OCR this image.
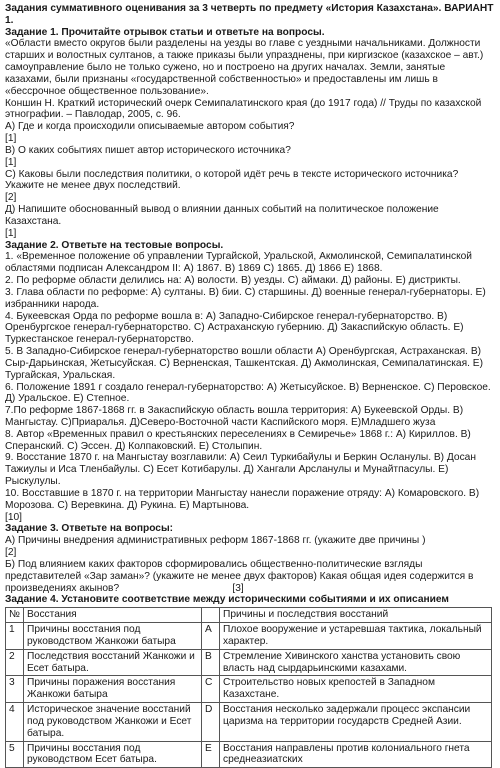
Задания суммативного оценивания за 3 четверть по предмету «История Казахстана». ВАРИАНТ 1.
Задание 1. Прочитайте отрывок статьи и ответьте на вопросы.
«Области вместо округов были разделены на уезды во главе с уездными начальниками. Должности старших и волостных султанов, а также приказы были упразднены, при киргизское (казахское – авт.) самоуправление было не только сужено, но и построено на других началах. Земли, занятые казахами, были признаны «государственной собственностью» и предоставлены им лишь в «бессрочное общественное пользование».
Коншин Н. Краткий исторический очерк Семипалатинского края (до 1917 года) // Труды по казахской этнографии. – Павлодар, 2005, с. 96.
А) Где и когда происходили описываемые автором события?
[1]
В) О каких событиях пишет автор исторического источника?
[1]
С) Каковы были последствия политики, о которой идёт речь в тексте исторического источника? Укажите не менее двух последствий.
[2]
Д) Напишите обоснованный вывод о влиянии данных событий на политическое положение Казахстана.
[1]
Задание 2. Ответьте на тестовые вопросы.
1. «Временное положение об управлении Тургайской, Уральской, Акмолинской, Семипалатинской областями подписан Александром II: А) 1867. В) 1869 С) 1865. Д) 1866 Е) 1868.
2. По реформе области делились на: А) волости. В) уезды. С) аймаки. Д) районы. Е) дистрикты.
3. Глава области по реформе: А) султаны. В) бии. С) старшины. Д) военные генерал-губернаторы. Е) избранники народа.
4. Букеевская Орда по реформе вошла в: А) Западно-Сибирское генерал-губернаторство. В) Оренбургское генерал-губернаторство. С) Астраханскую губернию. Д) Закаспийскую область. Е) Туркестанское генерал-губернаторство.
5. В Западно-Сибирское генерал-губернаторство вошли области А) Оренбургская, Астраханская. В) Сыр-Дарьинская, Жетысуйская. С) Верненская, Ташкентская. Д) Акмолинская, Семипалатинская. Е) Тургайская, Уральская.
6. Положение 1891 г создало генерал-губернаторство: А) Жетысуйское. В) Верненское. С) Перовское. Д) Уральское. Е) Степное.
7.По реформе 1867-1868 гг. в Закаспийскую область вошла территория: А) Букеевской Орды. В) Мангыстау. С)Приаралья. Д)Северо-Восточной части Каспийского моря. Е)Младшего жуза
8. Автор «Временных правил о крестьянских переселениях в Семиречье» 1868 г.: А) Кириллов. В) Сперанский. С) Эссен. Д) Колпаковский. Е) Столыпин.
9. Восстание 1870 г. на Мангыстау возглавили: А) Сеил Туркибайулы и Беркин Осланулы. В) Досан Тажиулы и Иса Тленбайулы. С) Есет Котибарулы. Д) Хангали Арсланулы и Мунайтпасулы. Е) Рыскулулы.
10. Восставшие в 1870 г. на территории Мангыстау нанесли поражение отряду: А) Комаровского. В) Морозова. С) Веревкина. Д) Рукина. Е) Мартынова.
[10]
Задание 3. Ответьте на вопросы:
А) Причины внедрения административных реформ 1867-1868 гг. (укажите две причины )
[2]
Б) Под влиянием каких факторов сформировались общественно-политические взгляды представителей «Зар заман»? (укажите не менее двух факторов) Какая общая идея содержится в произведениях акынов?	[3]
Задание 4. Установите соответствие между историческими событиями и их описанием
№	Восстания		Причины и последствия восстаний
1	Причины восстания под руководством Жанкожи батыра	А	Плохое вооружение и устаревшая тактика, локальный характер.
2	Последствия восстаний Жанкожи и Есет батыра.	В	Стремление Хивинского ханства установить свою власть над сырдарьинскими казахами.
3	Причины поражения восстания Жанкожи батыра	С	Строительство новых крепостей в Западном Казахстане.
4	Историческое значение восстаний под руководством Жанкожи и Есет батыра.	D	Восстания несколько задержали процесс экспансии царизма на территории государств Средней Азии.
5	Причины восстания под руководством Есет батыра.	Е	Восстания направлены против колониального гнета среднеазиатских
